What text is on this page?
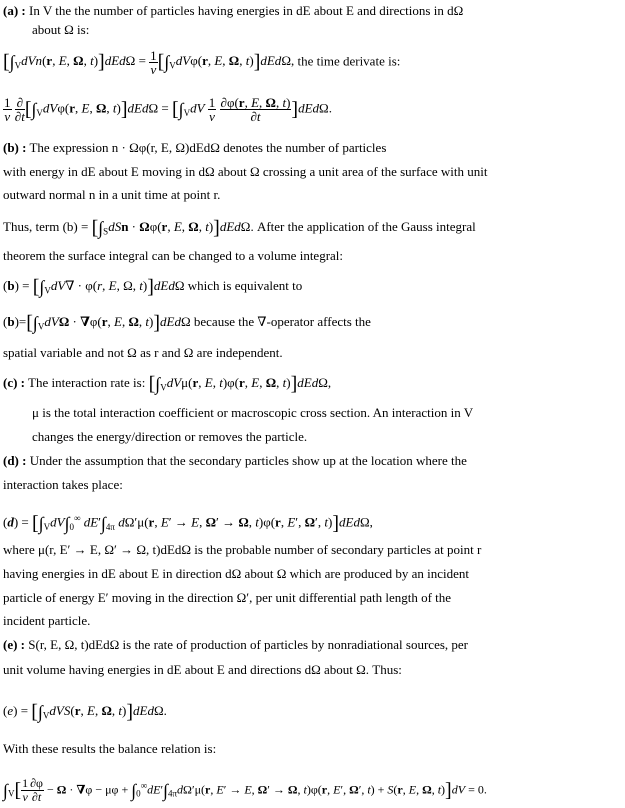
(a) : In V the the number of particles having energies in dE about E and directions in dΩ
about Ω is:
[$\int_VdVn(r$, E, Ω, $t)]dEd\Omega = \frac{1}{v} [\int_VdV\varphi(r$, E, Ω, t)]dEdΩ, the time derivate is:
$\frac{1}{v}$
$\frac{\partial}{\partial t} [\int_VdV\varphi(r$, E, Ω, $t)]dEd\Omega = [\int_VdV \frac{1}{v}$
$\frac{\partial\varphi(r, E, \Omega, t)}{\partial t} ]dEd\Omega$.
(b) : The expression n · Ωφ(r, E, Ω)dEdΩ denotes the number of particles
with energy in dE about E moving in dΩ about Ω crossing a unit area of the surface with unit
outward normal n in a unit time at point r.
Thus, term $(b) = [\int_SdSn \cdot \Omega\varphi(r$, E, Ω, t)]dEdΩ. After the application of the Gauss integral
theorem the surface integral can be changed to a volume integral:
$(b) = [\int_VdV\nabla \cdot \varphi(r$, E, Ω, t)]dEdΩ which is equivalent to
$(b)=[\int_VdV\Omega \cdot \nabla\varphi(r$, E, Ω, t)]dEdΩ because the ∇-operator affects the
spatial variable and not Ω as r and Ω are independent.
(c) : The interaction rate is: [$\int_VdV\mu(r$, E, t)φ(r, E, Ω, t)]dEdΩ,
μ is the total interaction coefficient or macroscopic cross section. An interaction in V
changes the energy/direction or removes the particle.
(d) : Under the assumption that the secondary particles show up at the location where the
interaction takes place:
$(d) = [\int_VdV\int_0^\infty$ $dE'\int_{4\pi}$ dΩ′μ(r, E′ → E, Ω′ → Ω, t)φ(r, E′, Ω′, t)]dEdΩ,
where μ(r, E′ → E, Ω′ → Ω, t)dEdΩ is the probable number of secondary particles at point r
having energies in dE about E in direction dΩ about Ω which are produced by an incident
particle of energy E′ moving in the direction Ω′, per unit differential path length of the
incident particle.
(e) : S(r, E, Ω, t)dEdΩ is the rate of production of particles by nonradiational sources, per
unit volume having energies in dE about E and directions dΩ about Ω. Thus:
$(e) = [\int_VdVS(r$, E, Ω, t)]dEdΩ.
With these results the balance relation is:
$\int_V[ \frac{1}{v} \frac{\partial\varphi}{\partial t} - \Omega \cdot \nabla\varphi - \mu\varphi + \int_0^\infty dE'\int_{4\pi}d\Omega'\mu(r$, E′ → E, Ω′ → Ω, t)φ(r, E′, Ω′, t) + S(r, E, Ω, t)]dV = 0.
